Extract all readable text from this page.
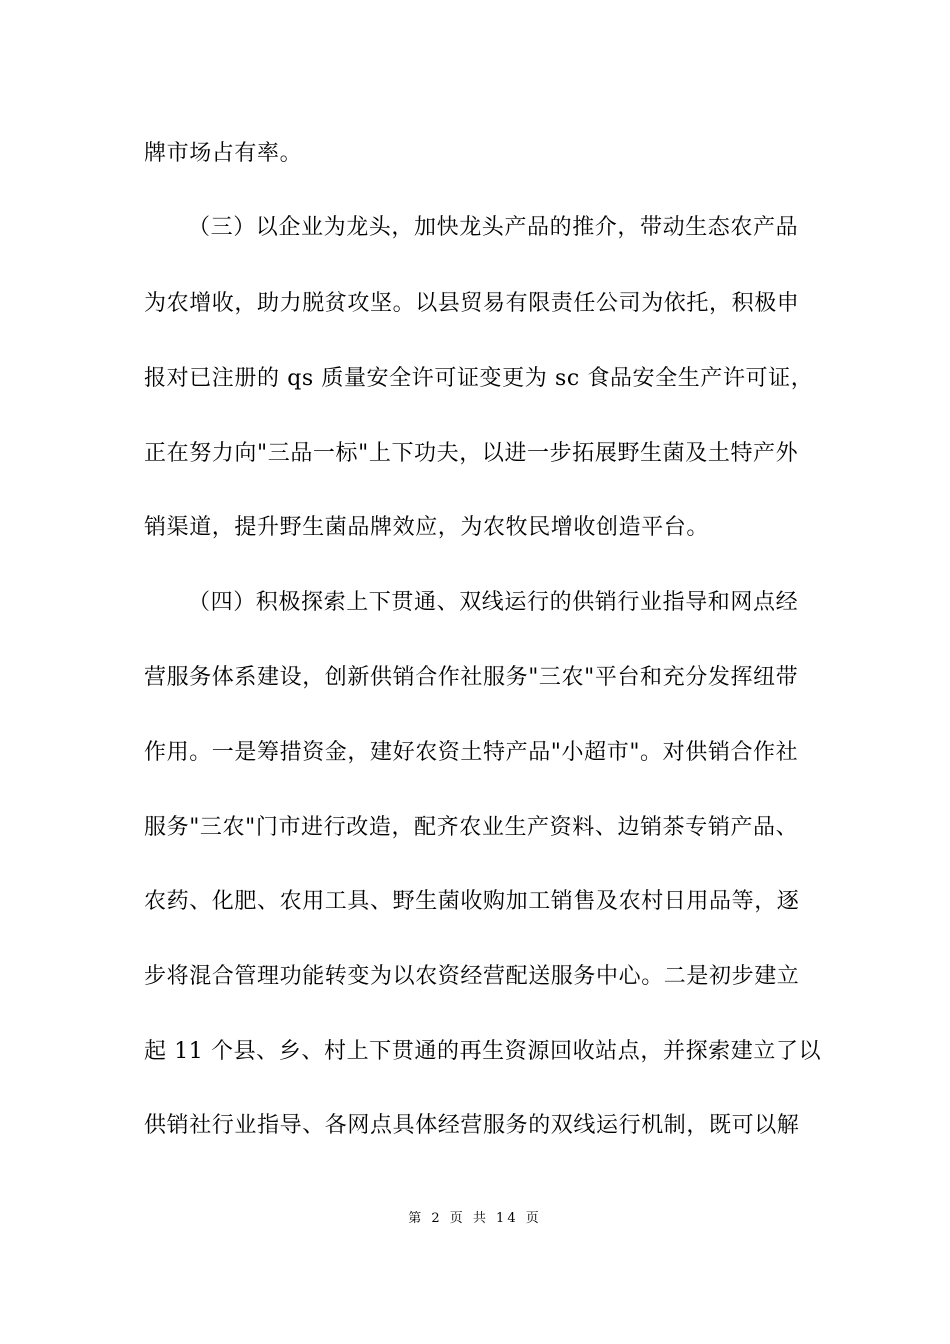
牌市场占有率。
（三）以企业为龙头，加快龙头产品的推介，带动生态农产品
为农增收，助力脱贫攻坚。以县贸易有限责任公司为依托，积极申
报对已注册的 qs 质量安全许可证变更为 sc 食品安全生产许可证，
正在努力向"三品一标"上下功夫，以进一步拓展野生菌及土特产外
销渠道，提升野生菌品牌效应，为农牧民增收创造平台。
（四）积极探索上下贯通、双线运行的供销行业指导和网点经
营服务体系建设，创新供销合作社服务"三农"平台和充分发挥纽带
作用。一是筹措资金，建好农资土特产品"小超市"。对供销合作社
服务"三农"门市进行改造，配齐农业生产资料、边销茶专销产品、
农药、化肥、农用工具、野生菌收购加工销售及农村日用品等，逐
步将混合管理功能转变为以农资经营配送服务中心。二是初步建立
起 11 个县、乡、村上下贯通的再生资源回收站点，并探索建立了以
供销社行业指导、各网点具体经营服务的双线运行机制，既可以解
第 2 页 共 14 页
